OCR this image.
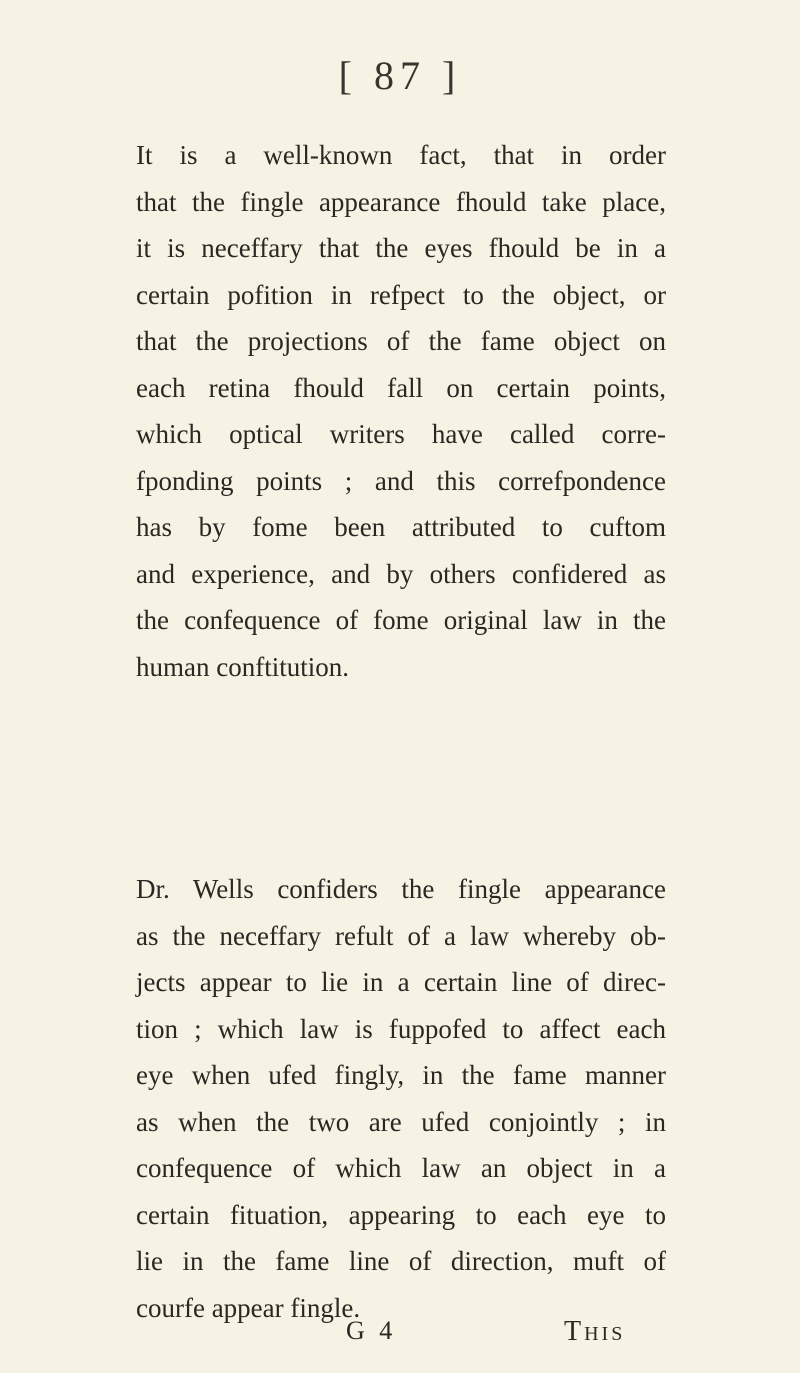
[ 87 ]
It is a well-known fact, that in order
that the fingle appearance fhould take place,
it is neceffary that the eyes fhould be in a
certain pofition in refpect to the object, or
that the projections of the fame object on
each retina fhould fall on certain points,
which optical writers have called corre-
fponding points ; and this correfpondence
has by fome been attributed to cuftom
and experience, and by others confidered as
the confequence of fome original law in the
human conftitution.
Dr. Wells confiders the fingle appearance
as the neceffary refult of a law whereby ob-
jects appear to lie in a certain line of direc-
tion ; which law is fuppofed to affect each
eye when ufed fingly, in the fame manner
as when the two are ufed conjointly ; in
confequence of which law an object in a
certain fituation, appearing to each eye to
lie in the fame line of direction, muft of
courfe appear fingle.
G 4	This
